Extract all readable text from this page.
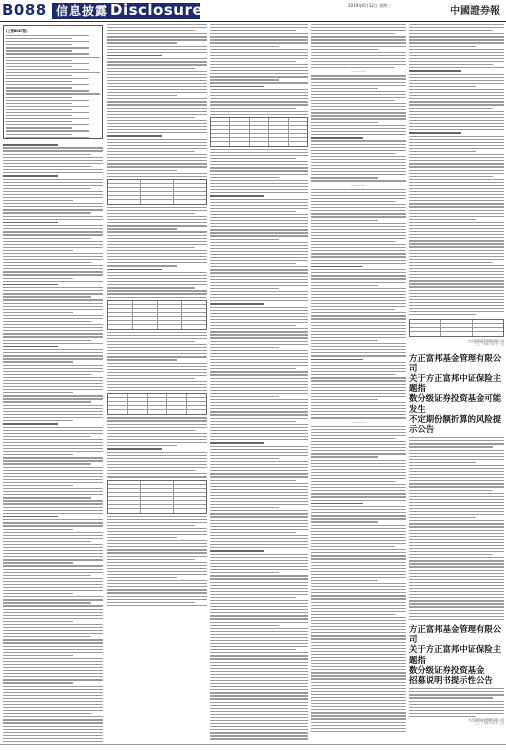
B088 信息披露 Disclosure	2019年6月12日 星期三
中國證券報
(上接B087版)
―――――
―――――
―――――
方正富邦基金管理有限公司
二〇一九年六月十二日
方正富邦基金管理有限公司
关于方正富邦中证保险主题指
数分级证券投资基金可能发生
不定期份额折算的风险提示公告
方正富邦基金管理有限公司
关于方正富邦中证保险主题指
数分级证券投资基金
招募说明书提示性公告
方正富邦基金管理有限公司
二〇一九年六月十二日
